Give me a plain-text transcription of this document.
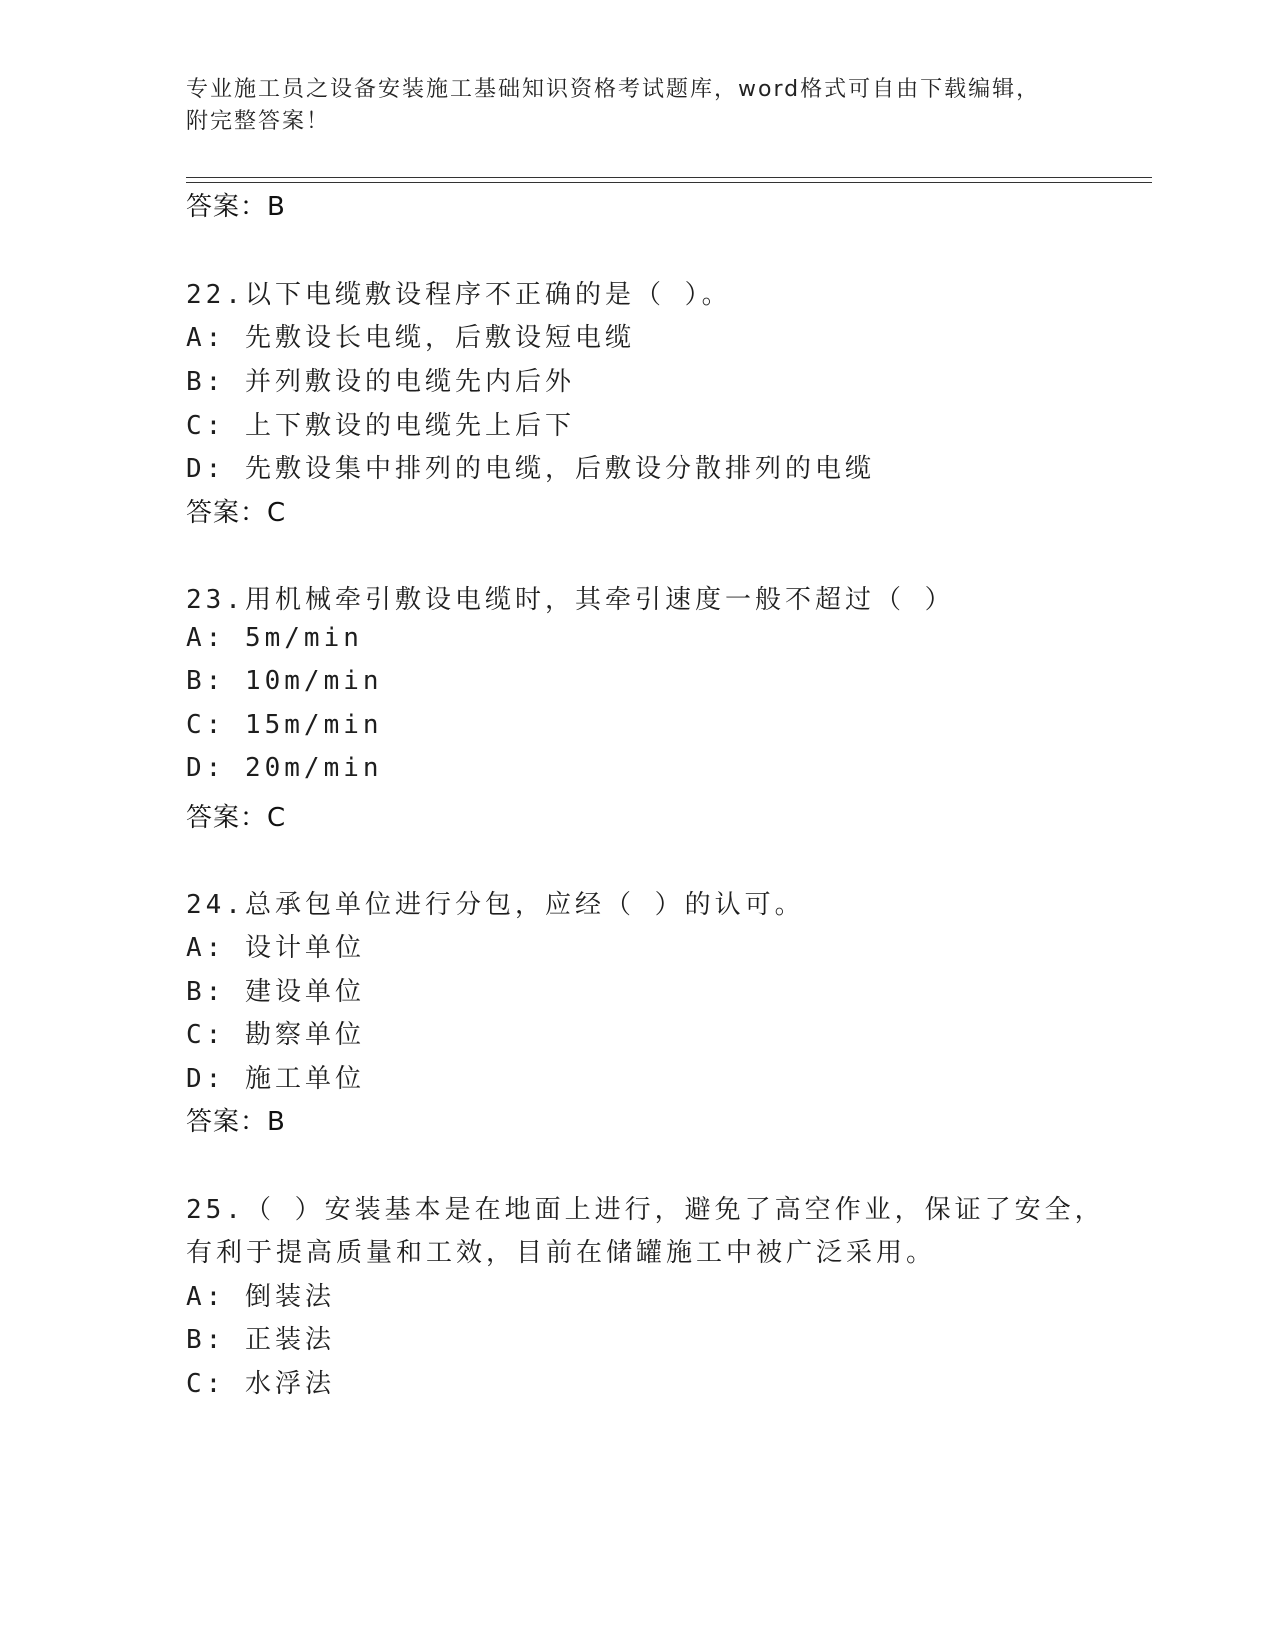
专业施工员之设备安装施工基础知识资格考试题库，word格式可自由下载编辑，
附完整答案！
答案：B
22.以下电缆敷设程序不正确的是（ ）。
A: 先敷设长电缆，后敷设短电缆
B: 并列敷设的电缆先内后外
C: 上下敷设的电缆先上后下
D: 先敷设集中排列的电缆，后敷设分散排列的电缆
答案：C
23.用机械牵引敷设电缆时，其牵引速度一般不超过（ ）
A: 5m/min
B: 10m/min
C: 15m/min
D: 20m/min
答案：C
24.总承包单位进行分包，应经（ ）的认可。
A: 设计单位
B: 建设单位
C: 勘察单位
D: 施工单位
答案：B
25.（ ）安装基本是在地面上进行，避免了高空作业，保证了安全，
有利于提高质量和工效，目前在储罐施工中被广泛采用。
A: 倒装法
B: 正装法
C: 水浮法
